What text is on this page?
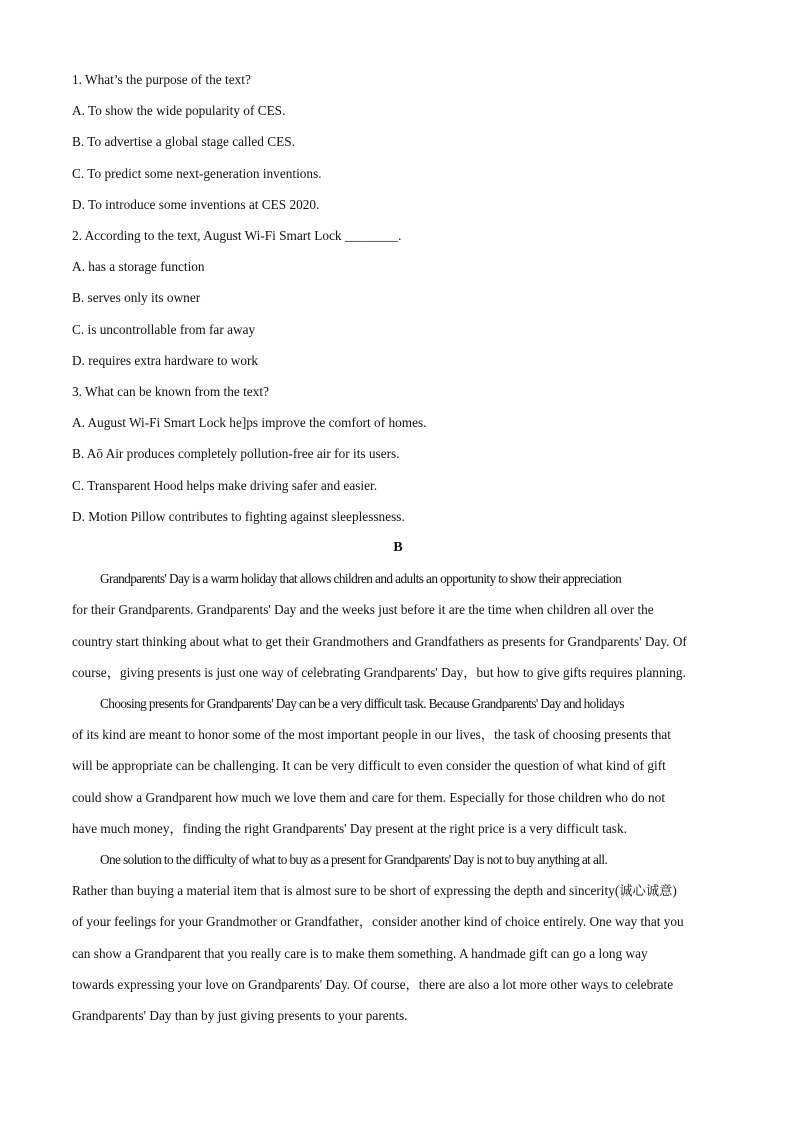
1. What’s the purpose of the text?

A. To show the wide popularity of CES.

B. To advertise a global stage called CES.

C. To predict some next-generation inventions.

D. To introduce some inventions at CES 2020.

2. According to the text, August Wi-Fi Smart Lock ________.

A. has a storage function

B. serves only its owner

C. is uncontrollable from far away

D. requires extra hardware to work

3. What can be known from the text?

A. August Wi-Fi Smart Lock he]ps improve the comfort of homes.

B. Aō Air produces completely pollution-free air for its users.

C. Transparent Hood helps make driving safer and easier.

D. Motion Pillow contributes to fighting against sleeplessness.

B

Grandparents' Day is a warm holiday that allows children and adults an opportunity to show their appreciation
for their Grandparents. Grandparents' Day and the weeks just before it are the time when children all over the
country start thinking about what to get their Grandmothers and Grandfathers as presents for Grandparents' Day. Of
course，giving presents is just one way of celebrating Grandparents' Day，but how to give gifts requires planning.
Choosing presents for Grandparents' Day can be a very difficult task. Because Grandparents' Day and holidays
of its kind are meant to honor some of the most important people in our lives，the task of choosing presents that
will be appropriate can be challenging. It can be very difficult to even consider the question of what kind of gift
could show a Grandparent how much we love them and care for them. Especially for those children who do not
have much money，finding the right Grandparents' Day present at the right price is a very difficult task.
One solution to the difficulty of what to buy as a present for Grandparents' Day is not to buy anything at all.
Rather than buying a material item that is almost sure to be short of expressing the depth and sincerity(诚心诚意)
of your feelings for your Grandmother or Grandfather，consider another kind of choice entirely. One way that you
can show a Grandparent that you really care is to make them something. A handmade gift can go a long way
towards expressing your love on Grandparents' Day. Of course，there are also a lot more other ways to celebrate
Grandparents' Day than by just giving presents to your parents.
